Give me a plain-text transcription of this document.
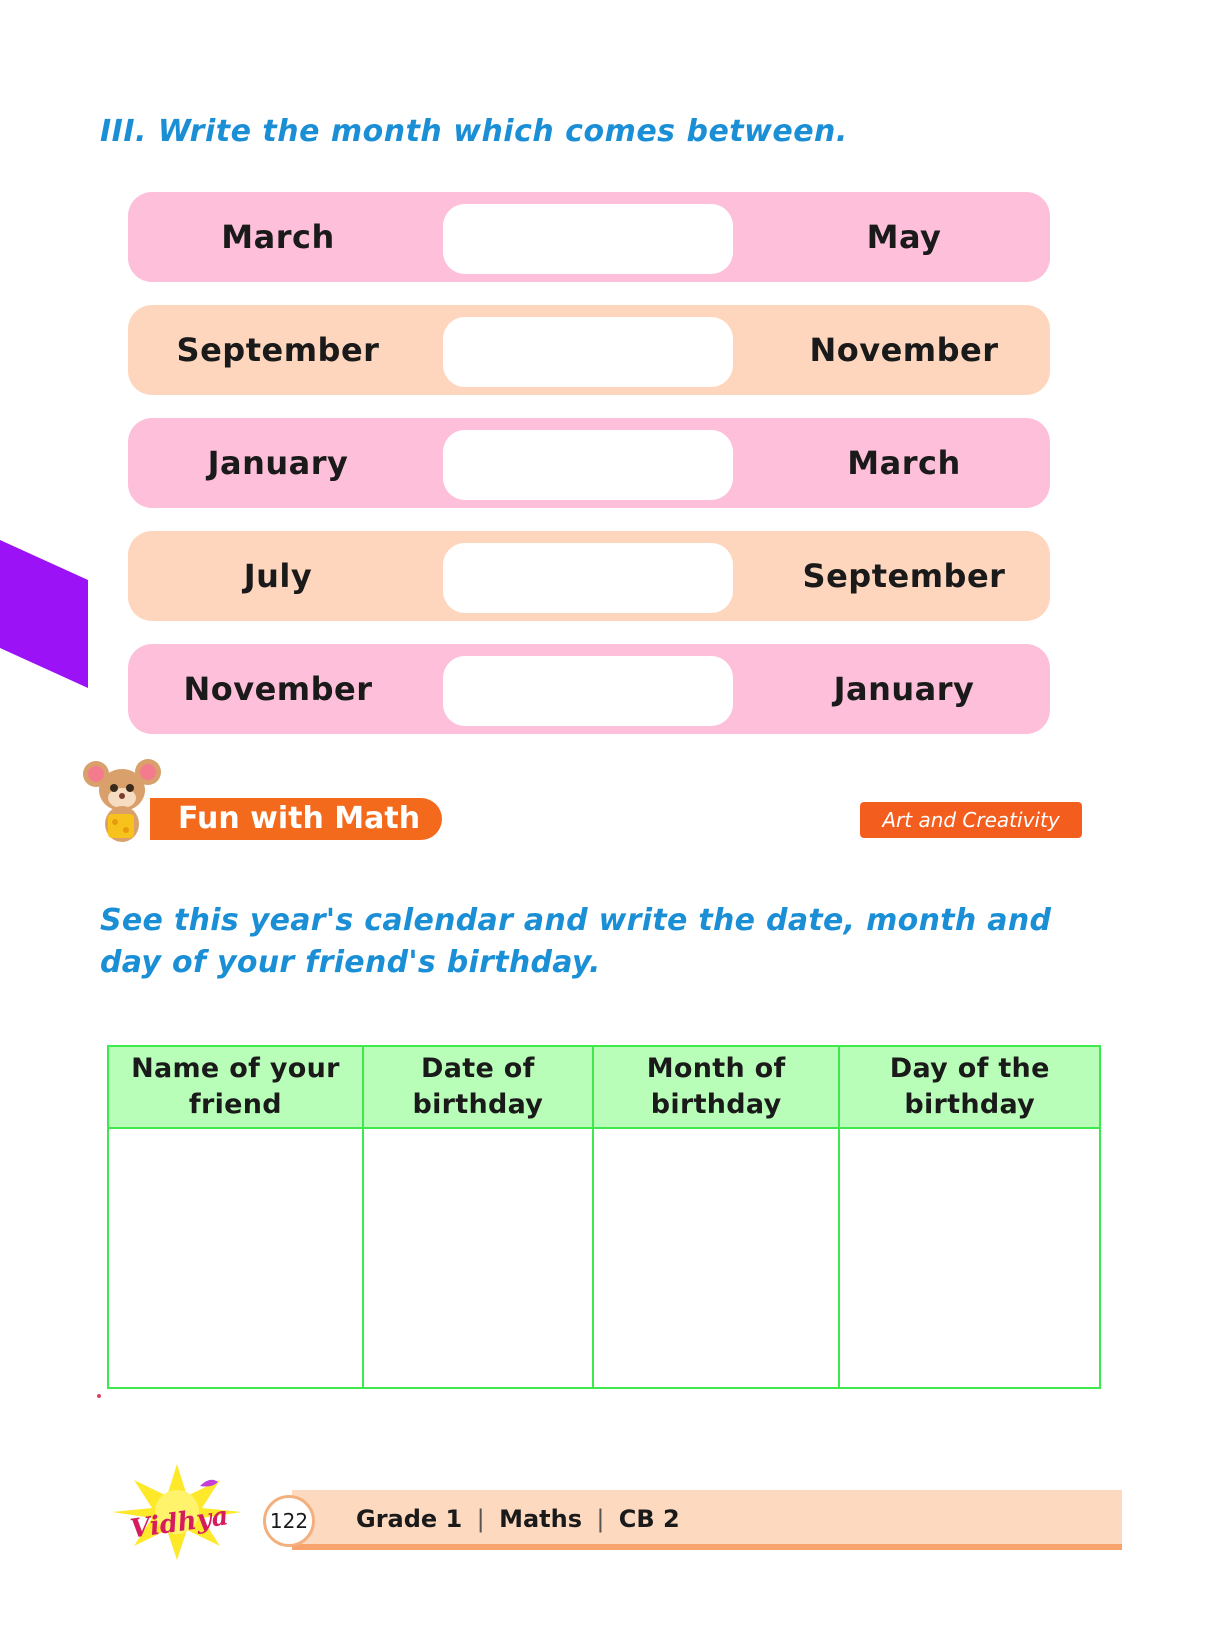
III. Write the month which comes between.
March	May
September	November
January	March
July	September
November	January
Fun with Math	Art and Creativity
See this year's calendar and write the date, month and day of your friend's birthday.
Name of your friend	Date of birthday	Month of birthday	Day of the birthday

Vidhya	122 Grade 1 | Maths | CB 2
